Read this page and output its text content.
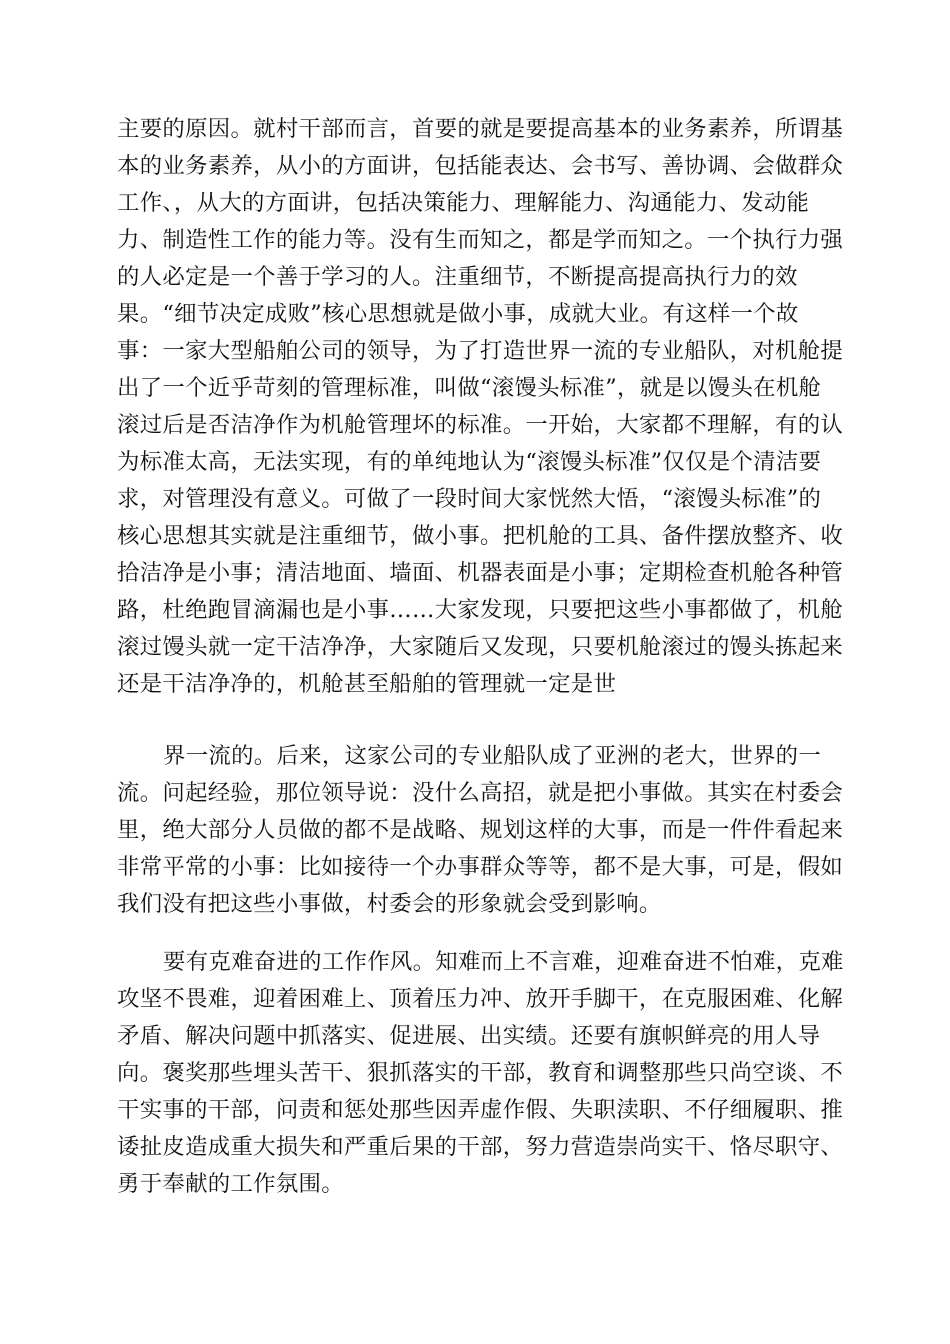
主要的原因。就村干部而言，首要的就是要提高基本的业务素养，所谓基
本的业务素养，从小的方面讲，包括能表达、会书写、善协调、会做群众
工作、，从大的方面讲，包括决策能力、理解能力、沟通能力、发动能
力、制造性工作的能力等。没有生而知之，都是学而知之。一个执行力强
的人必定是一个善于学习的人。注重细节，不断提高提高执行力的效
果。“细节决定成败”核心思想就是做小事，成就大业。有这样一个故
事：一家大型船舶公司的领导，为了打造世界一流的专业船队，对机舱提
出了一个近乎苛刻的管理标准，叫做“滚馒头标准”，就是以馒头在机舱
滚过后是否洁净作为机舱管理坏的标准。一开始，大家都不理解，有的认
为标准太高，无法实现，有的单纯地认为“滚馒头标准”仅仅是个清洁要
求，对管理没有意义。可做了一段时间大家恍然大悟，“滚馒头标准”的
核心思想其实就是注重细节，做小事。把机舱的工具、备件摆放整齐、收
拾洁净是小事；清洁地面、墙面、机器表面是小事；定期检查机舱各种管
路，杜绝跑冒滴漏也是小事……大家发现，只要把这些小事都做了，机舱
滚过馒头就一定干洁净净，大家随后又发现，只要机舱滚过的馒头拣起来
还是干洁净净的，机舱甚至船舶的管理就一定是世
界一流的。后来，这家公司的专业船队成了亚洲的老大，世界的一
流。问起经验，那位领导说：没什么高招，就是把小事做。其实在村委会
里，绝大部分人员做的都不是战略、规划这样的大事，而是一件件看起来
非常平常的小事：比如接待一个办事群众等等，都不是大事，可是，假如
我们没有把这些小事做，村委会的形象就会受到影响。
要有克难奋进的工作作风。知难而上不言难，迎难奋进不怕难，克难
攻坚不畏难，迎着困难上、顶着压力冲、放开手脚干，在克服困难、化解
矛盾、解决问题中抓落实、促进展、出实绩。还要有旗帜鲜亮的用人导
向。褒奖那些埋头苦干、狠抓落实的干部，教育和调整那些只尚空谈、不
干实事的干部，问责和惩处那些因弄虚作假、失职渎职、不仔细履职、推
诿扯皮造成重大损失和严重后果的干部，努力营造崇尚实干、恪尽职守、
勇于奉献的工作氛围。
